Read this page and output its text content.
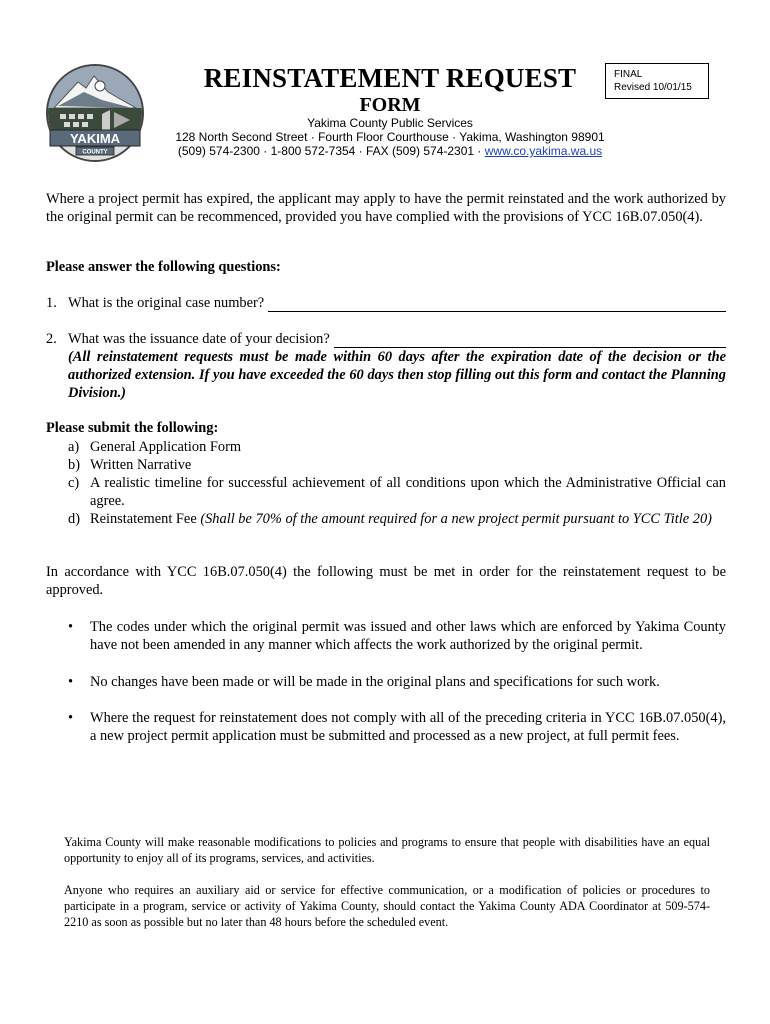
YAKIMA
COUNTY
REINSTATEMENT REQUEST
FORM
FINAL
Revised 10/01/15
Yakima County Public Services
128 North Second Street · Fourth Floor Courthouse · Yakima, Washington 98901
(509) 574-2300 · 1-800 572-7354 · FAX (509) 574-2301 · www.co.yakima.wa.us
Where a project permit has expired, the applicant may apply to have the permit reinstated and the work authorized by the original permit can be recommenced, provided you have complied with the provisions of YCC 16B.07.050(4).
Please answer the following questions:
1. What is the original case number?
2. What was the issuance date of your decision?
(All reinstatement requests must be made within 60 days after the expiration date of the decision or the authorized extension. If you have exceeded the 60 days then stop filling out this form and contact the Planning Division.)
Please submit the following:
a) General Application Form
b) Written Narrative
c) A realistic timeline for successful achievement of all conditions upon which the Administrative Official can agree.
d) Reinstatement Fee (Shall be 70% of the amount required for a new project permit pursuant to YCC Title 20)
In accordance with YCC 16B.07.050(4) the following must be met in order for the reinstatement request to be approved.
• The codes under which the original permit was issued and other laws which are enforced by Yakima County have not been amended in any manner which affects the work authorized by the original permit.
• No changes have been made or will be made in the original plans and specifications for such work.
• Where the request for reinstatement does not comply with all of the preceding criteria in YCC 16B.07.050(4), a new project permit application must be submitted and processed as a new project, at full permit fees.
Yakima County will make reasonable modifications to policies and programs to ensure that people with disabilities have an equal opportunity to enjoy all of its programs, services, and activities.
Anyone who requires an auxiliary aid or service for effective communication, or a modification of policies or procedures to participate in a program, service or activity of Yakima County, should contact the Yakima County ADA Coordinator at 509-574-2210 as soon as possible but no later than 48 hours before the scheduled event.
